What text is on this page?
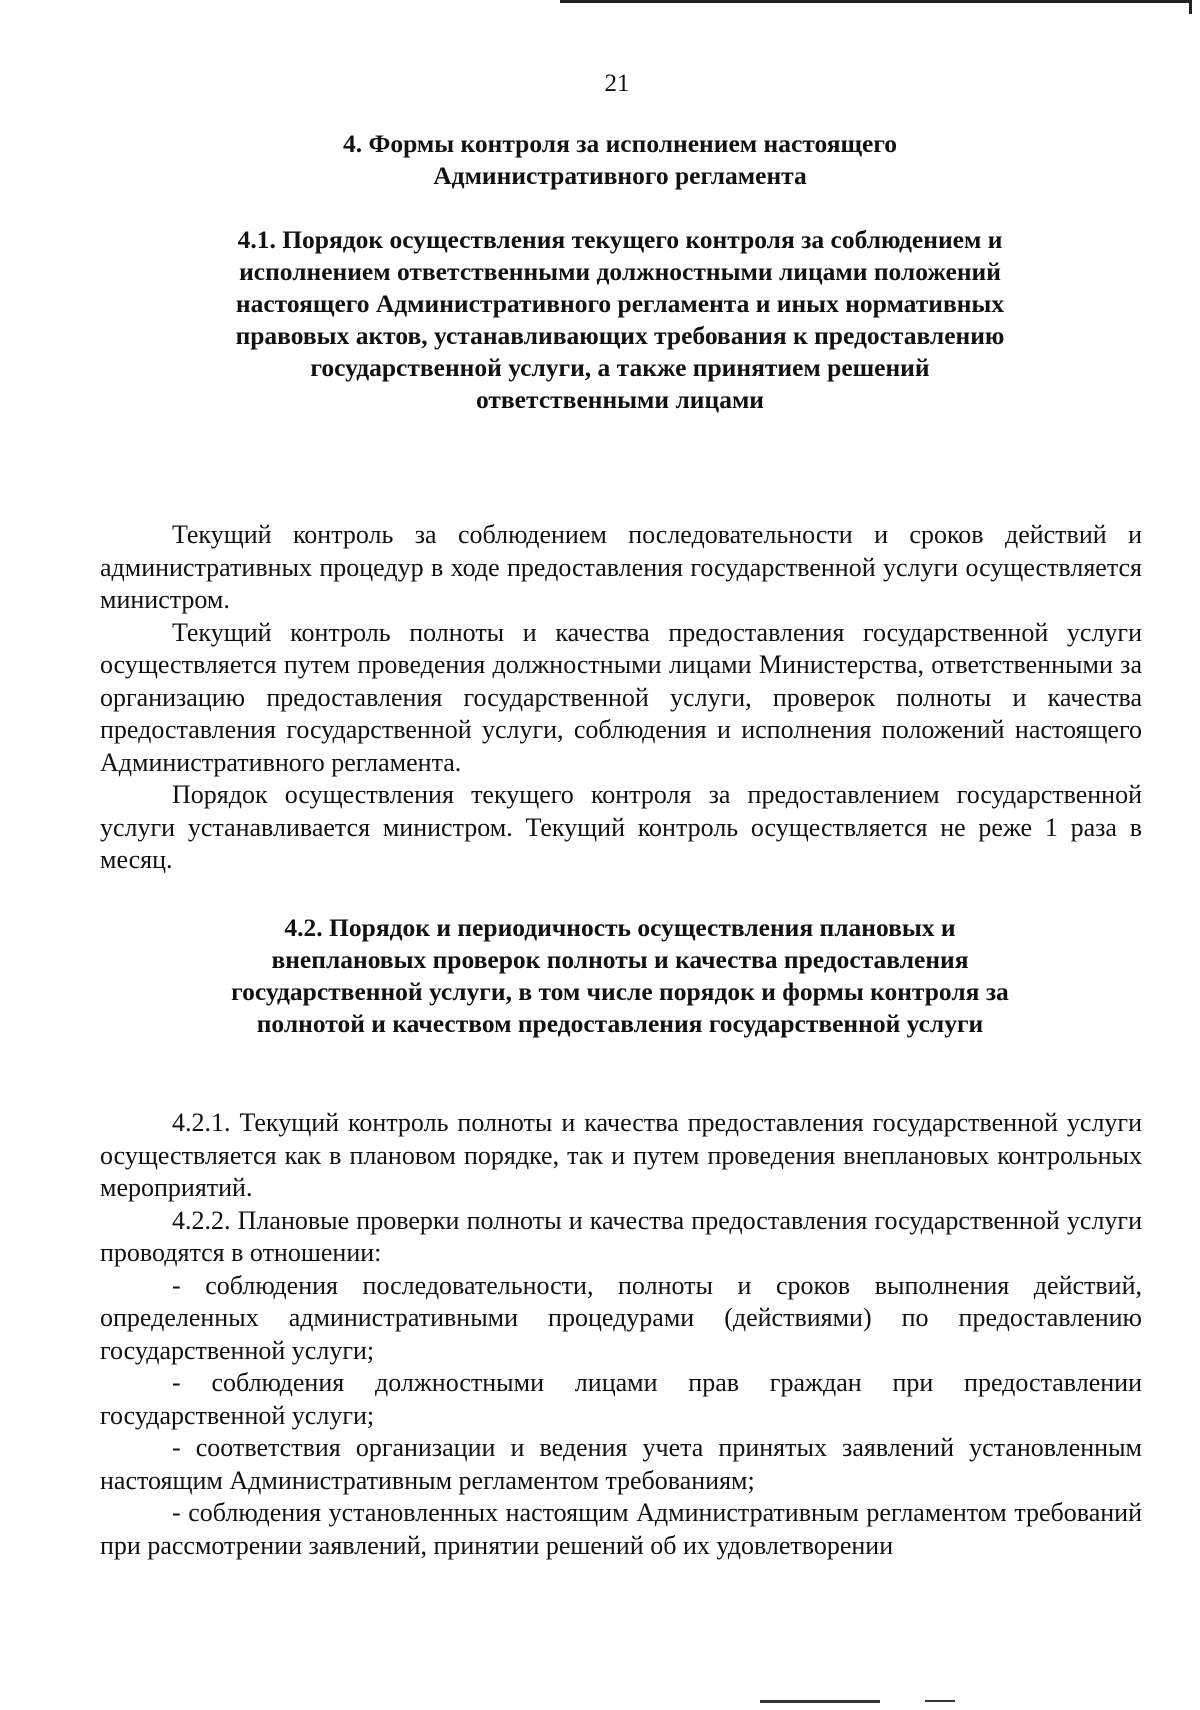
21
4. Формы контроля за исполнением настоящего Административного регламента
4.1. Порядок осуществления текущего контроля за соблюдением и исполнением ответственными должностными лицами положений настоящего Административного регламента и иных нормативных правовых актов, устанавливающих требования к предоставлению государственной услуги, а также принятием решений ответственными лицами

Текущий контроль за соблюдением последовательности и сроков действий и административных процедур в ходе предоставления государственной услуги осуществляется министром.

Текущий контроль полноты и качества предоставления государственной услуги осуществляется путем проведения должностными лицами Министерства, ответственными за организацию предоставления государственной услуги, проверок полноты и качества предоставления государственной услуги, соблюдения и исполнения положений настоящего Административного регламента.

Порядок осуществления текущего контроля за предоставлением государственной услуги устанавливается министром. Текущий контроль осуществляется не реже 1 раза в месяц.

4.2. Порядок и периодичность осуществления плановых и внеплановых проверок полноты и качества предоставления государственной услуги, в том числе порядок и формы контроля за полнотой и качеством предоставления государственной услуги

4.2.1. Текущий контроль полноты и качества предоставления государственной услуги осуществляется как в плановом порядке, так и путем проведения внеплановых контрольных мероприятий.

4.2.2. Плановые проверки полноты и качества предоставления государственной услуги проводятся в отношении:

- соблюдения последовательности, полноты и сроков выполнения действий, определенных административными процедурами (действиями) по предоставлению государственной услуги;

- соблюдения должностными лицами прав граждан при предоставлении государственной услуги;

- соответствия организации и ведения учета принятых заявлений установленным настоящим Административным регламентом требованиям;

- соблюдения установленных настоящим Административным регламентом требований при рассмотрении заявлений, принятии решений об их удовлетворении
